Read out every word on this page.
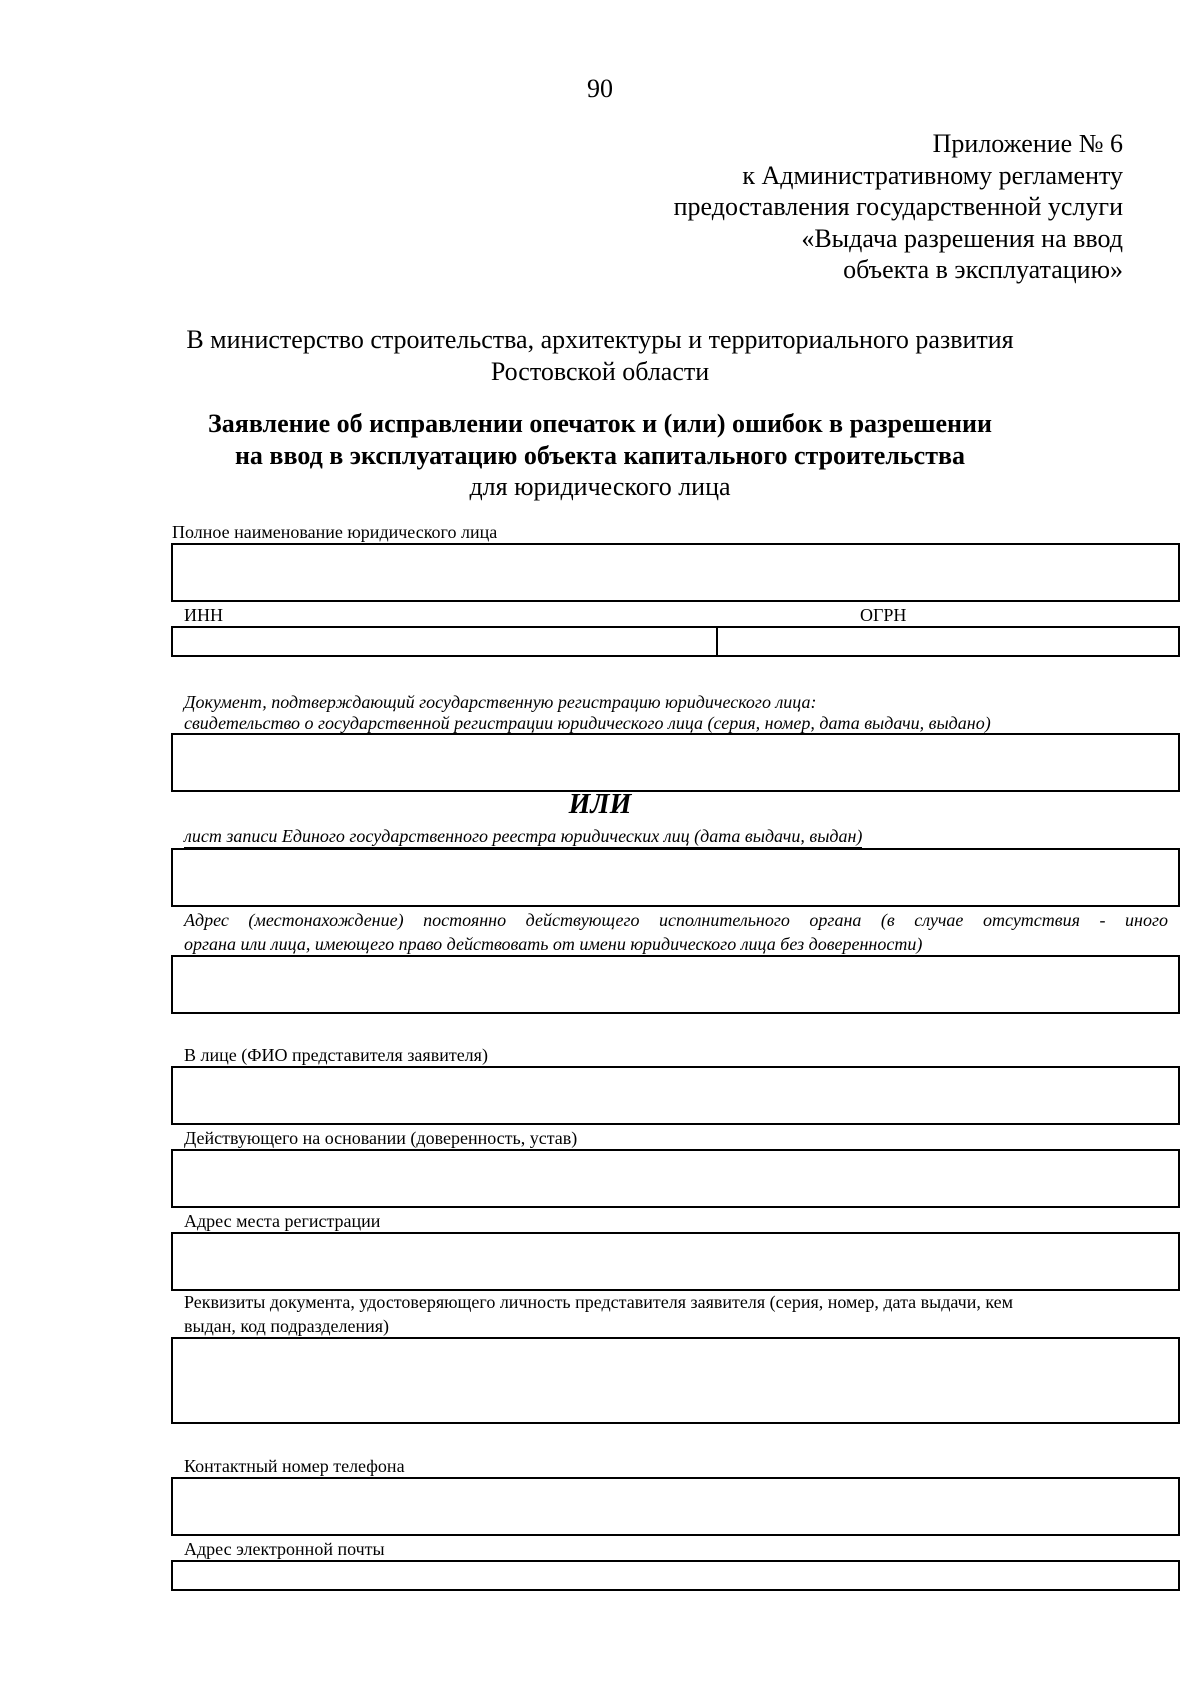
90
Приложение № 6
к Административному регламенту
предоставления государственной услуги
«Выдача разрешения на ввод
объекта в эксплуатацию»
В министерство строительства, архитектуры и территориального развития
Ростовской области
Заявление об исправлении опечаток и (или) ошибок в разрешении
на ввод в эксплуатацию объекта капитального строительства
для юридического лица
Полное наименование юридического лица
ИНН	ОГРН
Документ, подтверждающий государственную регистрацию юридического лица:
свидетельство о государственной регистрации юридического лица (серия, номер, дата выдачи, выдано)
ИЛИ
лист записи Единого государственного реестра юридических лиц (дата выдачи, выдан)
Адрес (местонахождение) постоянно действующего исполнительного органа (в случае отсутствия - иного
органа или лица, имеющего право действовать от имени юридического лица без доверенности)
В лице (ФИО представителя заявителя)
Действующего на основании (доверенность, устав)
Адрес места регистрации
Реквизиты документа, удостоверяющего личность представителя заявителя (серия, номер, дата выдачи, кем
выдан, код подразделения)
Контактный номер телефона
Адрес электронной почты
